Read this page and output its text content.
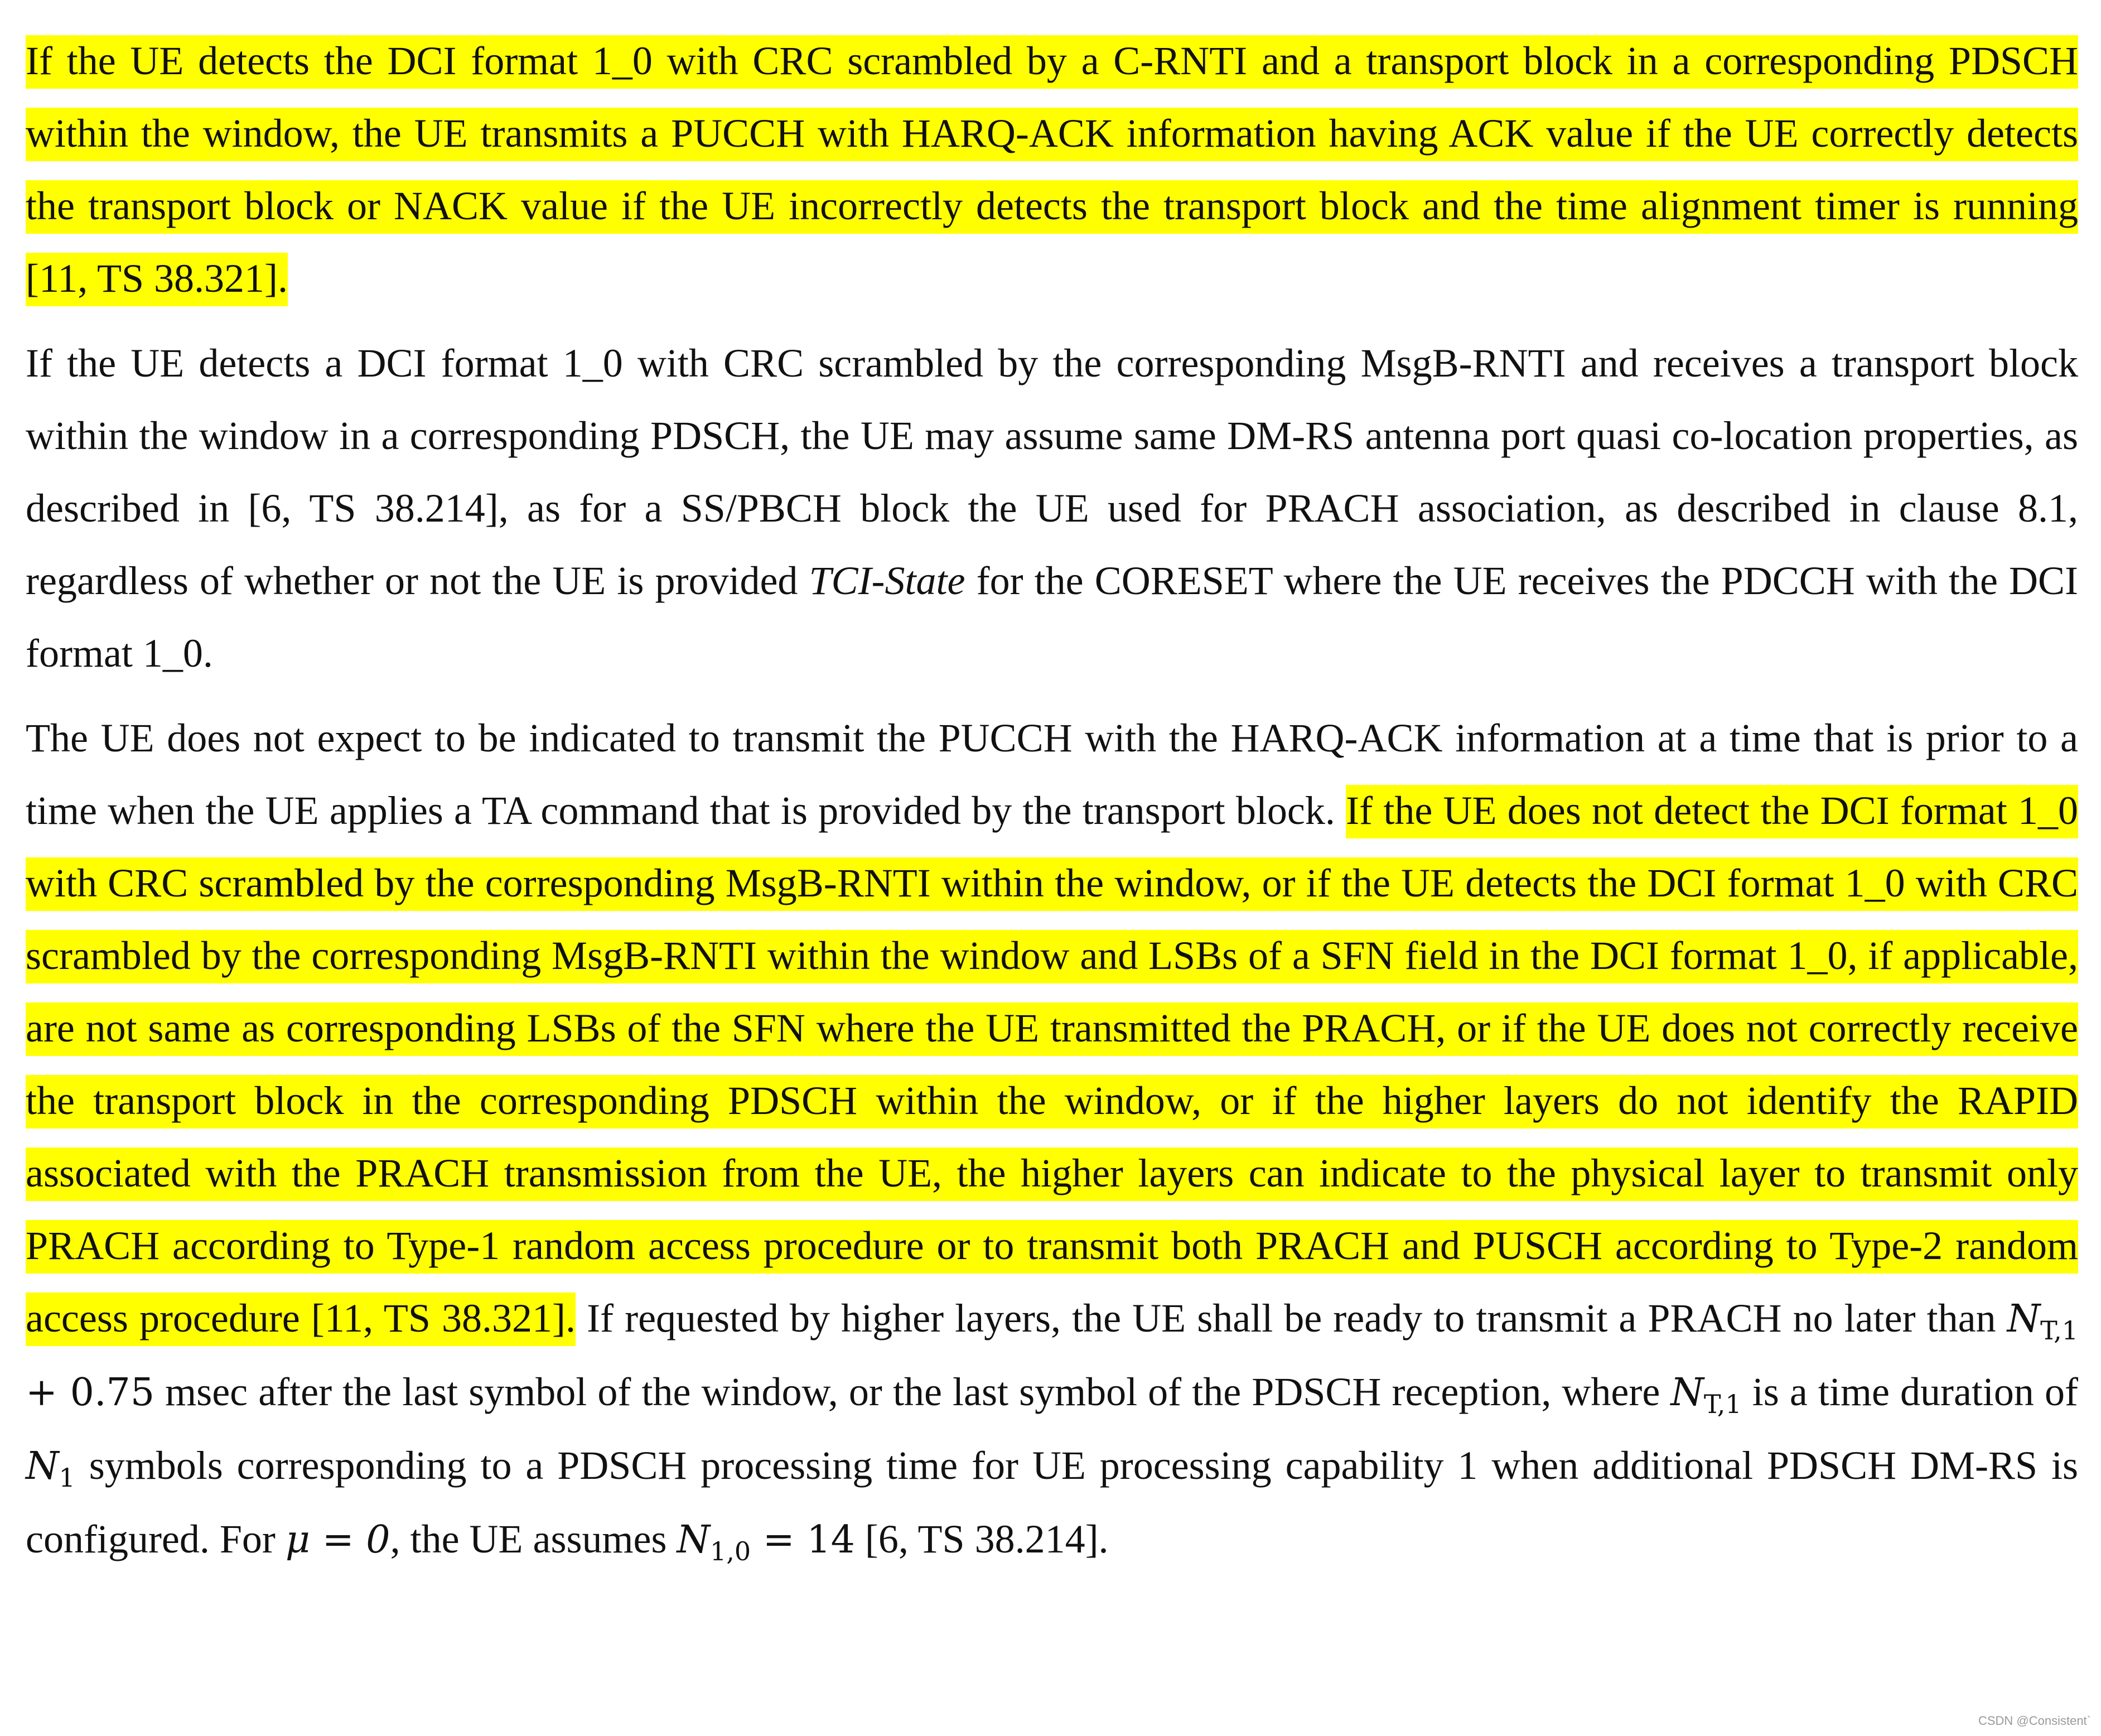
If the UE detects the DCI format 1_0 with CRC scrambled by a C-RNTI and a transport block in a corresponding PDSCH within the window, the UE transmits a PUCCH with HARQ-ACK information having ACK value if the UE correctly detects the transport block or NACK value if the UE incorrectly detects the transport block and the time alignment timer is running [11, TS 38.321].

If the UE detects a DCI format 1_0 with CRC scrambled by the corresponding MsgB-RNTI and receives a transport block within the window in a corresponding PDSCH, the UE may assume same DM-RS antenna port quasi co-location properties, as described in [6, TS 38.214], as for a SS/PBCH block the UE used for PRACH association, as described in clause 8.1, regardless of whether or not the UE is provided TCI-State for the CORESET where the UE receives the PDCCH with the DCI format 1_0.

The UE does not expect to be indicated to transmit the PUCCH with the HARQ-ACK information at a time that is prior to a time when the UE applies a TA command that is provided by the transport block. If the UE does not detect the DCI format 1_0 with CRC scrambled by the corresponding MsgB-RNTI within the window, or if the UE detects the DCI format 1_0 with CRC scrambled by the corresponding MsgB-RNTI within the window and LSBs of a SFN field in the DCI format 1_0, if applicable, are not same as corresponding LSBs of the SFN where the UE transmitted the PRACH, or if the UE does not correctly receive the transport block in the corresponding PDSCH within the window, or if the higher layers do not identify the RAPID associated with the PRACH transmission from the UE, the higher layers can indicate to the physical layer to transmit only PRACH according to Type-1 random access procedure or to transmit both PRACH and PUSCH according to Type-2 random access procedure [11, TS 38.321]. If requested by higher layers, the UE shall be ready to transmit a PRACH no later than $N_{T,1} + 0.75$ msec after the last symbol of the window, or the last symbol of the PDSCH reception, where $N_{T,1}$ is a time duration of $N_1$ symbols corresponding to a PDSCH processing time for UE processing capability 1 when additional PDSCH DM-RS is configured. For μ = 0, the UE assumes $N_{1,0} = 14$ [6, TS 38.214].

CSDN @Consistent`
